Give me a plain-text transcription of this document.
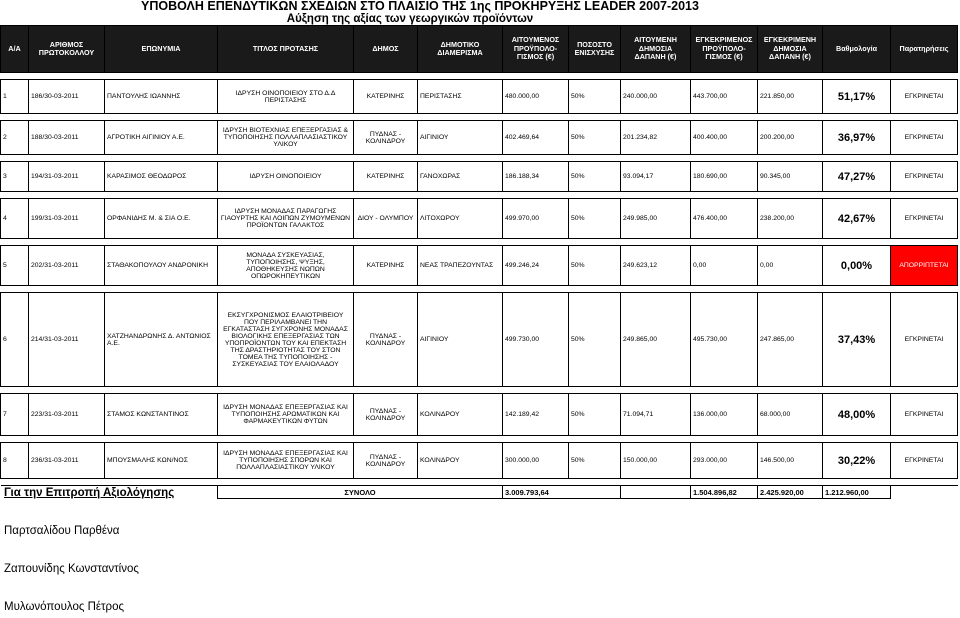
ΥΠΟΒΟΛΗ ΕΠΕΝΔΥΤΙΚΩΝ ΣΧΕΔΙΩΝ ΣΤΟ ΠΛΑΙΣΙΟ ΤΗΣ 1ης ΠΡΟΚΗΡΥΞΗΣ LEADER 2007-2013
Αύξηση της αξίας των γεωργικών προϊόντων
Α/Α	ΑΡΙΘΜΟΣ ΠΡΩΤΟΚΟΛΛΟΥ	ΕΠΩΝΥΜΙΑ	ΤΙΤΛΟΣ ΠΡΟΤΑΣΗΣ	ΔΗΜΟΣ	ΔΗΜΟΤΙΚΟ ΔΙΑΜΕΡΙΣΜΑ	ΑΙΤΟΥΜΕΝΟΣ ΠΡΟΫΠΟΛΟ-ΓΙΣΜΟΣ (€)	ΠΟΣΟΣΤΟ ΕΝΙΣΧΥΣΗΣ	ΑΙΤΟΥΜΕΝΗ ΔΗΜΟΣΙΑ ΔΑΠΑΝΗ (€)	ΕΓΚΕΚΡΙΜΕΝΟΣ ΠΡΟΫΠΟΛΟ-ΓΙΣΜΟΣ (€)	ΕΓΚΕΚΡΙΜΕΝΗ ΔΗΜΟΣΙΑ ΔΑΠΑΝΗ (€)	Βαθμολογία	Παρατηρήσεις

1	186/30-03-2011	ΠΑΝΤΟΥΛΗΣ ΙΩΑΝΝΗΣ	ΙΔΡΥΣΗ ΟΙΝΟΠΟΙΕΙΟΥ ΣΤΟ Δ.Δ ΠΕΡΙΣΤΑΣΗΣ	ΚΑΤΕΡΙΝΗΣ	ΠΕΡΙΣΤΑΣΗΣ	480.000,00	50%	240.000,00	443.700,00	221.850,00	51,17%	ΕΓΚΡΙΝΕΤΑΙ

2	188/30-03-2011	ΑΓΡΟΤΙΚΗ ΑΙΓΙΝΙΟΥ Α.Ε.	ΙΔΡΥΣΗ ΒΙΟΤΕΧΝΙΑΣ ΕΠΕΞΕΡΓΑΣΙΑΣ & ΤΥΠΟΠΟΙΗΣΗΣ ΠΟΛΛΑΠΛΑΣΙΑΣΤΙΚΟΥ ΥΛΙΚΟΥ	ΠΥΔΝΑΣ - ΚΟΛΙΝΔΡΟΥ	ΑΙΓΙΝΙΟΥ	402.469,64	50%	201.234,82	400.400,00	200.200,00	36,97%	ΕΓΚΡΙΝΕΤΑΙ

3	194/31-03-2011	ΚΑΡΑΣΙΜΟΣ ΘΕΟΔΩΡΟΣ	ΙΔΡΥΣΗ ΟΙΝΟΠΟΙΕΙΟΥ	ΚΑΤΕΡΙΝΗΣ	ΓΑΝΟΧΩΡΑΣ	186.188,34	50%	93.094,17	180.690,00	90.345,00	47,27%	ΕΓΚΡΙΝΕΤΑΙ

4	199/31-03-2011	ΟΡΦΑΝΙΔΗΣ Μ. & ΣΙΑ Ο.Ε.	ΙΔΡΥΣΗ ΜΟΝΑΔΑΣ ΠΑΡΑΓΩΓΗΣ ΓΙΑΟΥΡΤΗΣ ΚΑΙ ΛΟΙΠΩΝ ΖΥΜΟΥΜΕΝΩΝ ΠΡΟΪΟΝΤΩΝ ΓΑΛΑΚΤΟΣ	ΔΙΟΥ - ΟΛΥΜΠΟΥ	ΛΙΤΟΧΩΡΟΥ	499.970,00	50%	249.985,00	476.400,00	238.200,00	42,67%	ΕΓΚΡΙΝΕΤΑΙ

5	202/31-03-2011	ΣΤΑΘΑΚΟΠΟΥΛΟΥ ΑΝΔΡΟΝΙΚΗ	ΜΟΝΑΔΑ ΣΥΣΚΕΥΑΣΙΑΣ, ΤΥΠΟΠΟΙΗΣΗΣ, ΨΥΞΗΣ, ΑΠΟΘΗΚΕΥΣΗΣ ΝΩΠΩΝ ΟΠΩΡΟΚΗΠΕΥΤΙΚΩΝ	ΚΑΤΕΡΙΝΗΣ	ΝΕΑΣ ΤΡΑΠΕΖΟΥΝΤΑΣ	499.246,24	50%	249.623,12	0,00	0,00	0,00%	ΑΠΟΡΡΙΠΤΕΤΑΙ

6	214/31-03-2011	ΧΑΤΖΗΑΝΔΡΩΝΗΣ Δ. ΑΝΤΩΝΙΟΣ Α.Ε.	ΕΚΣΥΓΧΡΟΝΙΣΜΟΣ ΕΛΑΙΟΤΡΙΒΕΙΟΥ ΠΟΥ ΠΕΡΙΛΑΜΒΑΝΕΙ ΤΗΝ ΕΓΚΑΤΑΣΤΑΣΗ ΣΥΓΧΡΟΝΗΣ ΜΟΝΑΔΑΣ ΒΙΟΛΟΓΙΚΗΣ ΕΠΕΞΕΡΓΑΣΙΑΣ ΤΩΝ ΥΠΟΠΡΟΪΟΝΤΩΝ ΤΟΥ ΚΑΙ ΕΠΕΚΤΑΣΗ ΤΗΣ ΔΡΑΣΤΗΡΙΟΤΗΤΑΣ ΤΟΥ ΣΤΟΝ ΤΟΜΕΑ ΤΗΣ ΤΥΠΟΠΟΙΗΣΗΣ - ΣΥΣΚΕΥΑΣΙΑΣ ΤΟΥ ΕΛΑΙΟΛΑΔΟΥ	ΠΥΔΝΑΣ - ΚΟΛΙΝΔΡΟΥ	ΑΙΓΙΝΙΟΥ	499.730,00	50%	249.865,00	495.730,00	247.865,00	37,43%	ΕΓΚΡΙΝΕΤΑΙ

7	223/31-03-2011	ΣΤΑΜΟΣ ΚΩΝΣΤΑΝΤΙΝΟΣ	ΙΔΡΥΣΗ ΜΟΝΑΔΑΣ ΕΠΕΞΕΡΓΑΣΙΑΣ ΚΑΙ ΤΥΠΟΠΟΙΗΣΗΣ ΑΡΩΜΑΤΙΚΩΝ ΚΑΙ ΦΑΡΜΑΚΕΥΤΙΚΩΝ ΦΥΤΩΝ	ΠΥΔΝΑΣ - ΚΟΛΙΝΔΡΟΥ	ΚΟΛΙΝΔΡΟΥ	142.189,42	50%	71.094,71	136.000,00	68.000,00	48,00%	ΕΓΚΡΙΝΕΤΑΙ

8	236/31-03-2011	ΜΠΟΥΣΜΑΛΗΣ ΚΩΝ/ΝΟΣ	ΙΔΡΥΣΗ ΜΟΝΑΔΑΣ ΕΠΕΞΕΡΓΑΣΙΑΣ ΚΑΙ ΤΥΠΟΠΟΙΗΣΗΣ ΣΠΟΡΩΝ ΚΑΙ ΠΟΛΛΑΠΛΑΣΙΑΣΤΙΚΟΥ ΥΛΙΚΟΥ	ΠΥΔΝΑΣ - ΚΟΛΙΝΔΡΟΥ	ΚΟΛΙΝΔΡΟΥ	300.000,00	50%	150.000,00	293.000,00	146.500,00	30,22%	ΕΓΚΡΙΝΕΤΑΙ

			ΣΥΝΟΛΟ			3.009.793,64			1.504.896,82	2.425.920,00	1.212.960,00	
Για την Επιτροπή Αξιολόγησης
Παρτσαλίδου Παρθένα
Ζαπουνίδης Κωνσταντίνος
Μυλωνόπουλος Πέτρος
